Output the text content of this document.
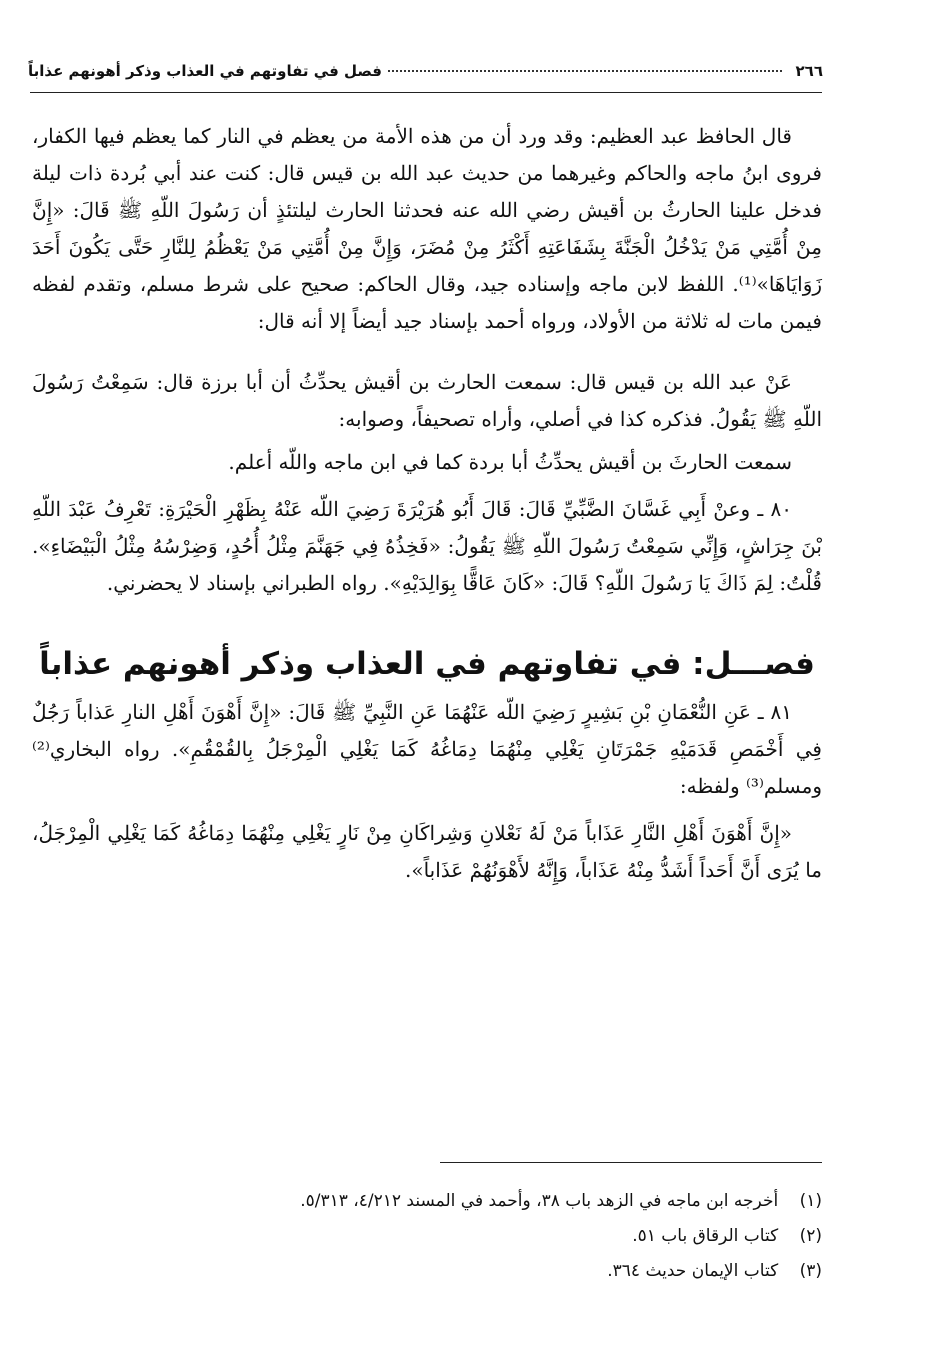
٢٦٦
فصل في تفاوتهم في العذاب وذكر أهونهم عذاباً

قال الحافظ عبد العظيم: وقد ورد أن من هذه الأمة من يعظم في النار كما يعظم فيها الكفار، فروى ابنُ ماجه والحاكم وغيرهما من حديث عبد الله بن قيس قال: كنت عند أبي بُردة ذات ليلة فدخل علينا الحارثُ بن أقيش رضي الله عنه فحدثنا الحارث ليلتئذٍ أن رَسُولَ اللّهِ ﷺ قَالَ: «إِنَّ مِنْ أُمَّتِي مَنْ يَدْخُلُ الْجَنَّةَ بِشَفَاعَتِهِ أَكْثَرُ مِنْ مُضَرَ، وَإِنَّ مِنْ أُمَّتِي مَنْ يَعْظُمُ لِلنَّارِ حَتَّى يَكُونَ أَحَدَ زَوَايَاهَا»⁽¹⁾. اللفظ لابن ماجه وإسناده جيد، وقال الحاكم: صحيح على شرط مسلم، وتقدم لفظه فيمن مات له ثلاثة من الأولاد، ورواه أحمد بإسناد جيد أيضاً إلا أنه قال:

عَنْ عبد الله بن قيس قال: سمعت الحارث بن أقيش يحدِّثُ أن أبا برزة قال: سَمِعْتُ رَسُولَ اللّهِ ﷺ يَقُولُ. فذكره كذا في أصلي، وأراه تصحيفاً، وصوابه:

سمعت الحارثَ بن أقيش يحدِّثُ أبا بردة كما في ابن ماجه واللّه أعلم.

٨٠ ـ وعنْ أَبِي غَسَّانَ الضَّبِّيِّ قَالَ: قَالَ أَبُو هُرَيْرَةَ رَضِيَ اللّه عَنْهُ بِظَهْرِ الْحَيْرَةِ: تَعْرِفُ عَبْدَ اللّهِ بْنَ جِرَاشٍ، وَإِنِّي سَمِعْتُ رَسُولَ اللّهِ ﷺ يَقُولُ: «فَخِذُهُ فِي جَهَنَّمَ مِثْلُ أُحُدٍ، وَضِرْسُهُ مِثْلُ الْبَيْضَاءِ». قُلْتُ: لِمَ ذَاكَ يَا رَسُولَ اللّهِ؟ قَالَ: «كَانَ عَاقًّا بِوَالِدَيْهِ». رواه الطبراني بإسناد لا يحضرني.

فصـــل: في تفاوتهم في العذاب وذكر أهونهم عذاباً

٨١ ـ عَنِ النُّعْمَانِ بْنِ بَشِيرٍ رَضِيَ اللّه عَنْهُمَا عَنِ النَّبِيِّ ﷺ قَالَ: «إِنَّ أَهْوَنَ أَهْلِ النارِ عَذاباً رَجُلٌ فِي أَخْمَصِ قَدَمَيْهِ جَمْرَتَانِ يَغْلِي مِنْهُمَا دِمَاغُهُ كَمَا يَغْلِي الْمِرْجَلُ بِالقُمْقُمِ». رواه البخاري⁽²⁾ ومسلم⁽³⁾ ولفظه:

«إِنَّ أَهْوَنَ أَهْلِ النَّارِ عَذَاباً مَنْ لَهُ نَعْلانِ وَشِراكَانِ مِنْ نَارٍ يَغْلِي مِنْهُمَا دِمَاغُهُ كَمَا يَغْلِي الْمِرْجَلُ، ما يُرَى أَنَّ أَحَداً أَشَدُّ مِنْهُ عَذَاباً، وَإِنَّهُ لأَهْوَنُهُمْ عَذَاباً».

(١) أخرجه ابن ماجه في الزهد باب ٣٨، وأحمد في المسند ٤/٢١٢، ٥/٣١٣.

(٢) كتاب الرقاق باب ٥١.

(٣) كتاب الإيمان حديث ٣٦٤.
